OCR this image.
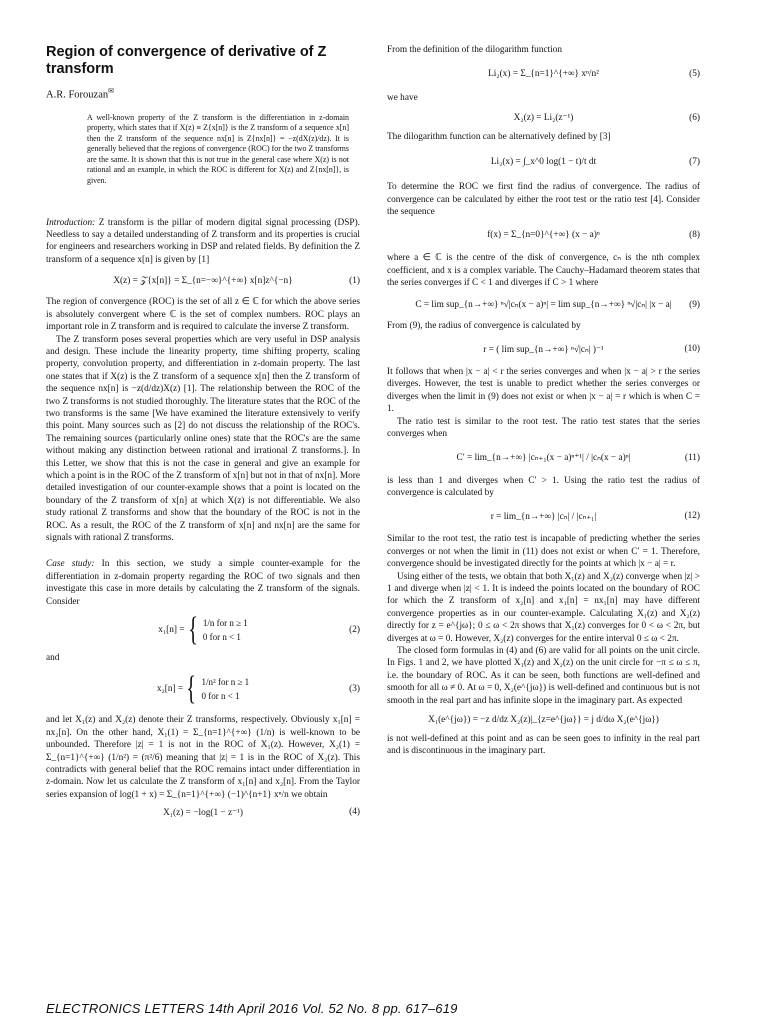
Region of convergence of derivative of Z transform
A.R. Forouzan✉

A well-known property of the Z transform is the differentiation in z-domain property, which states that if X(z) ≡ Z{x[n]} is the Z transform of a sequence x[n] then the Z transform of the sequence nx[n] is Z{nx[n]} = −z(dX(z)/dz). It is generally believed that the regions of convergence (ROC) for the two Z transforms are the same. It is shown that this is not true in the general case where X(z) is not rational and an example, in which the ROC is different for X(z) and Z{nx[n]}, is given.

Introduction: Z transform is the pillar of modern digital signal processing (DSP). Needless to say a detailed understanding of Z transform and its properties is crucial for engineers and researchers working in DSP and related fields. By definition the Z transform of a sequence x[n] is given by [1]

X(z) = 𝒵{x[n]} = Σ_{n=−∞}^{+∞} x[n]z^{−n}	(1)

The region of convergence (ROC) is the set of all z ∈ ℂ for which the above series is absolutely convergent where ℂ is the set of complex numbers. ROC plays an important role in Z transform and is required to calculate the inverse Z transform.

The Z transform poses several properties which are very useful in DSP analysis and design. These include the linearity property, time shifting property, scaling property, convolution property, and differentiation in z-domain property. The last one states that if X(z) is the Z transform of a sequence x[n] then the Z transform of the sequence nx[n] is −z(d/dz)X(z) [1]. The relationship between the ROC of the two Z transforms is not studied thoroughly. The literature states that the ROC of the two transforms is the same [We have examined the literature extensively to verify this point. Many sources such as [2] do not discuss the relationship of the ROC's. The remaining sources (particularly online ones) state that the ROC's are the same without making any distinction between rational and irrational Z transforms.]. In this Letter, we show that this is not the case in general and give an example for which a point is in the ROC of the Z transform of x[n] but not in that of nx[n]. More detailed investigation of our counter-example shows that a point is located on the boundary of the Z transform of x[n] at which X(z) is not differentiable. We also study rational Z transforms and show that the boundary of the ROC is not in the ROC. As a result, the ROC of the Z transform of x[n] and nx[n] are the same for signals with rational Z transforms.

Case study: In this section, we study a simple counter-example for the differentiation in z-domain property regarding the ROC of two signals and then investigate this case in more details by calculating the Z transform of the signals. Consider

x₁[n] = { 1/n for n ≥ 1
0 for n < 1
(2)

and

x₂[n] = { 1/n² for n ≥ 1
0 for n < 1
(3)

and let X₁(z) and X₂(z) denote their Z transforms, respectively. Obviously x₁[n] = nx₂[n]. On the other hand, X₁(1) = Σ_{n=1}^{+∞} (1/n) is well-known to be unbounded. Therefore |z| = 1 is not in the ROC of X₁(z). However, X₂(1) = Σ_{n=1}^{+∞} (1/n²) = (π²/6) meaning that |z| = 1 is in the ROC of X₂(z). This contradicts with general belief that the ROC remains intact under differentiation in z-domain. Now let us calculate the Z transform of x₁[n] and x₂[n]. From the Taylor series expansion of log(1 + x) = Σ_{n=1}^{+∞} (−1)^{n+1} xⁿ/n we obtain

X₁(z) = −log(1 − z⁻¹)	(4)

From the definition of the dilogarithm function

Li₂(x) = Σ_{n=1}^{+∞} xⁿ/n²	(5)

we have

X₂(z) = Li₂(z⁻¹)	(6)

The dilogarithm function can be alternatively defined by [3]

Li₂(x) = ∫_x^0 log(1 − t)/t dt	(7)

To determine the ROC we first find the radius of convergence. The radius of convergence can be calculated by either the root test or the ratio test [4]. Consider the sequence

f(x) = Σ_{n=0}^{+∞} (x − a)ⁿ	(8)

where a ∈ ℂ is the centre of the disk of convergence, cₙ is the nth complex coefficient, and x is a complex variable. The Cauchy–Hadamard theorem states that the series converges if C < 1 and diverges if C > 1 where

C = lim sup_{n→+∞} ⁿ√|cₙ(x − a)ⁿ| = lim sup_{n→+∞} ⁿ√|cₙ| |x − a| (9)

From (9), the radius of convergence is calculated by

r = ( lim sup_{n→+∞} ⁿ√|cₙ| )⁻¹	(10)

It follows that when |x − a| < r the series converges and when |x − a| > r the series diverges. However, the test is unable to predict whether the series converges or diverges when the limit in (9) does not exist or when |x − a| = r which is when C = 1.

The ratio test is similar to the root test. The ratio test states that the series converges when

C′ = lim_{n→+∞} |cₙ₊₁(x − a)ⁿ⁺¹| / |cₙ(x − a)ⁿ|	(11)

is less than 1 and diverges when C′ > 1. Using the ratio test the radius of convergence is calculated by

r = lim_{n→+∞} |cₙ| / |cₙ₊₁|	(12)

Similar to the root test, the ratio test is incapable of predicting whether the series converges or not when the limit in (11) does not exist or when C′ = 1. Therefore, convergence should be investigated directly for the points at which |x − a| = r.

Using either of the tests, we obtain that both X₁(z) and X₂(z) converge when |z| > 1 and diverge when |z| < 1. It is indeed the points located on the boundary of ROC for which the Z transform of x₂[n] and x₁[n] = nx₁[n] may have different convergence properties as in our counter-example. Calculating X₁(z) and X₂(z) directly for z = e^{jω}; 0 ≤ ω < 2π shows that X₁(z) converges for 0 < ω < 2π, but diverges at ω = 0. However, X₂(z) converges for the entire interval 0 ≤ ω < 2π.

The closed form formulas in (4) and (6) are valid for all points on the unit circle. In Figs. 1 and 2, we have plotted X₁(z) and X₂(z) on the unit circle for −π ≤ ω ≤ π, i.e. the boundary of ROC. As it can be seen, both functions are well-defined and smooth for all ω ≠ 0. At ω = 0, X₂(e^{jω}) is well-defined and continuous but is not smooth in the real part and has infinite slope in the imaginary part. As expected

X₁(e^{jω}) = −z d/dz X₂(z)|_{z=e^{jω}} = j d/dω X₂(e^{jω})

is not well-defined at this point and as can be seen goes to infinity in the real part and is discontinuous in the imaginary part.

ELECTRONICS LETTERS 14th April 2016 Vol. 52 No. 8 pp. 617–619
